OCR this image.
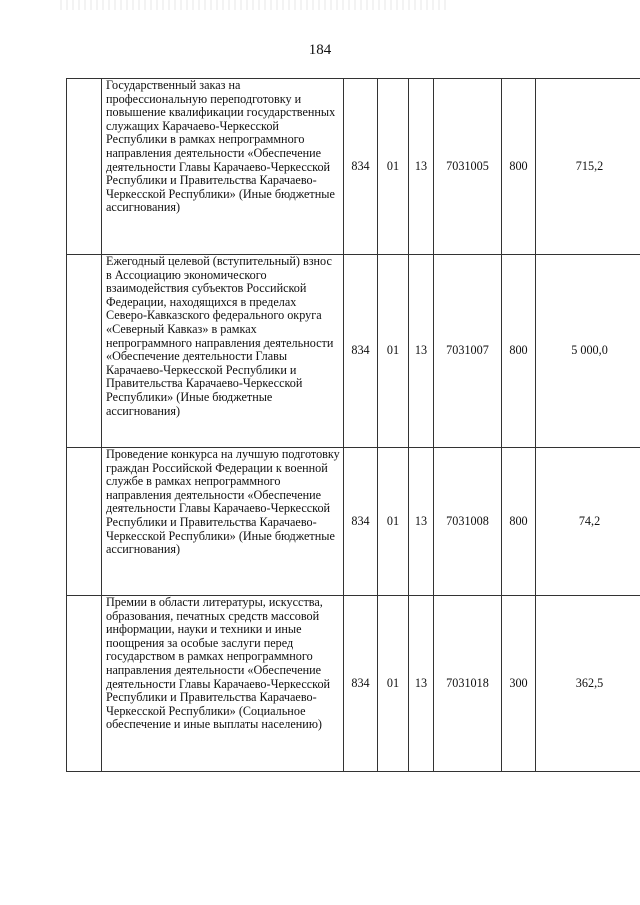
184
	Государственный заказ на профессиональную переподготовку и повышение квалификации государственных служащих Карачаево-Черкесской Республики в рамках непрограммного направления деятельности «Обеспечение деятельности Главы Карачаево-Черкесской Республики и Правительства Карачаево-Черкесской Республики» (Иные бюджетные ассигнования)	834	01	13	7031005	800	715,2
	Ежегодный целевой (вступительный) взнос в Ассоциацию экономического взаимодействия субъектов Российской Федерации, находящихся в пределах Северо-Кавказского федерального округа «Северный Кавказ» в рамках непрограммного направления деятельности «Обеспечение деятельности Главы Карачаево-Черкесской Республики и Правительства Карачаево-Черкесской Республики» (Иные бюджетные ассигнования)	834	01	13	7031007	800	5 000,0
	Проведение конкурса на лучшую подготовку граждан Российской Федерации к военной службе в рамках непрограммного направления деятельности «Обеспечение деятельности Главы Карачаево-Черкесской Республики и Правительства Карачаево-Черкесской Республики» (Иные бюджетные ассигнования)	834	01	13	7031008	800	74,2
	Премии в области литературы, искусства, образования, печатных средств массовой информации, науки и техники и иные поощрения за особые заслуги перед государством в рамках непрограммного направления деятельности «Обеспечение деятельности Главы Карачаево-Черкесской Республики и Правительства Карачаево-Черкесской Республики» (Социальное обеспечение и иные выплаты населению)	834	01	13	7031018	300	362,5
